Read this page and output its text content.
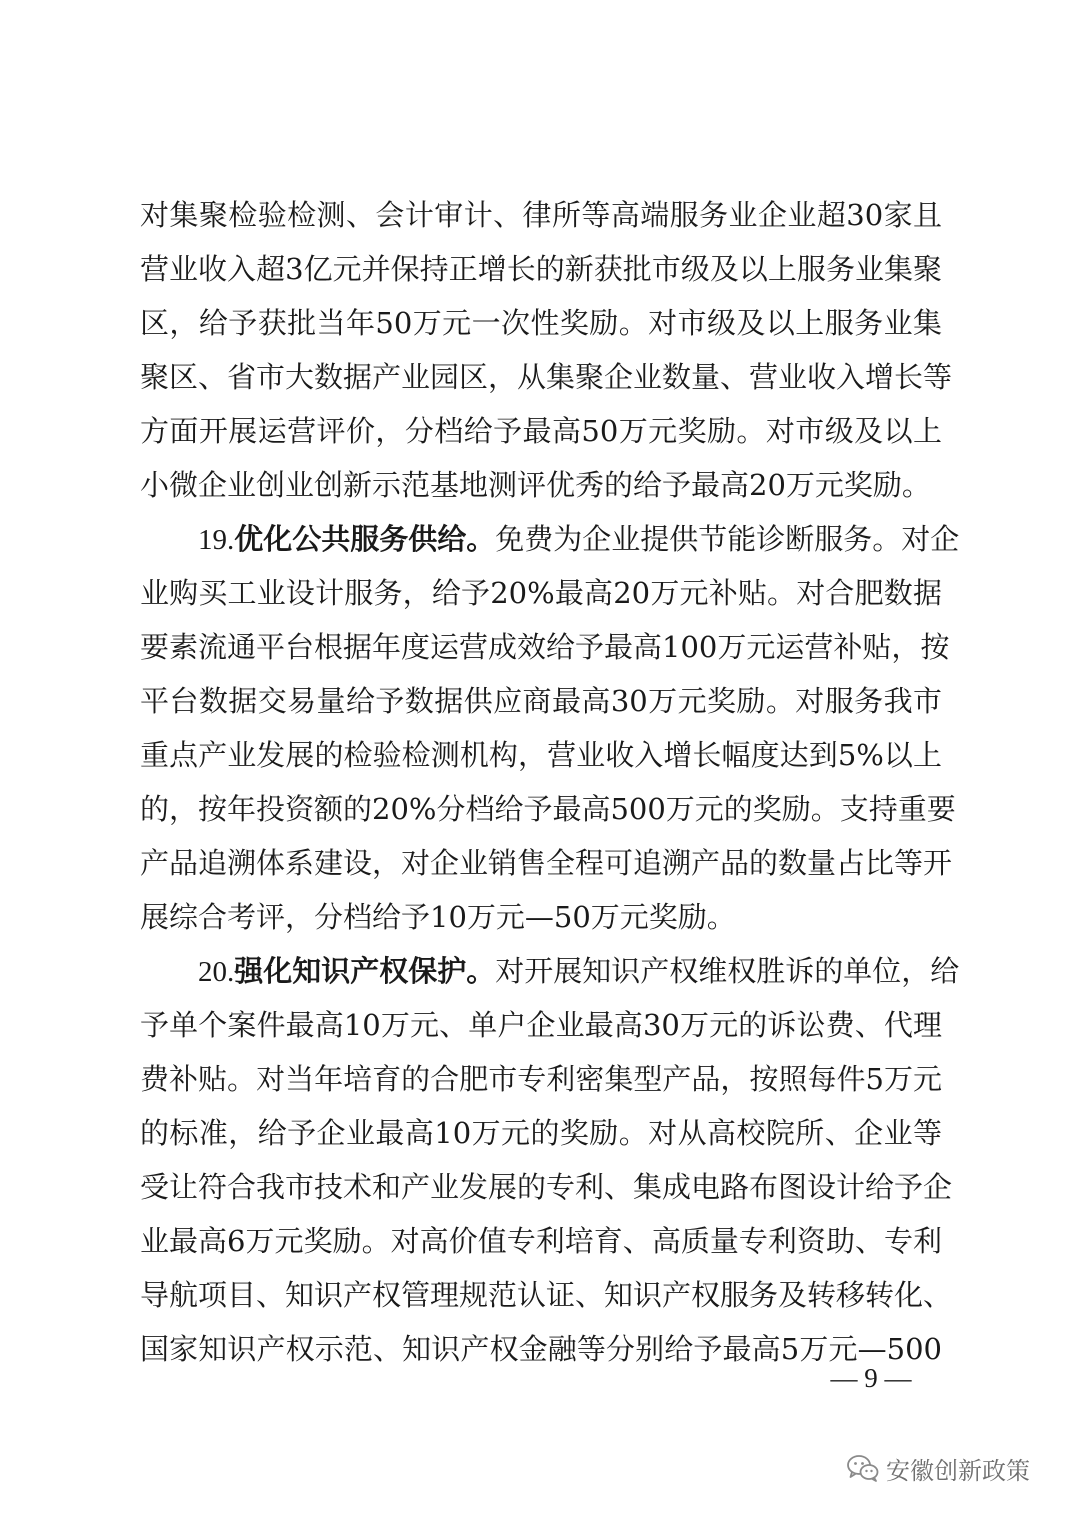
对集聚检验检测、会计审计、律所等高端服务业企业超30家且
营业收入超3亿元并保持正增长的新获批市级及以上服务业集聚
区，给予获批当年50万元一次性奖励。对市级及以上服务业集
聚区、省市大数据产业园区，从集聚企业数量、营业收入增长等
方面开展运营评价，分档给予最高50万元奖励。对市级及以上
小微企业创业创新示范基地测评优秀的给予最高20万元奖励。
19.优化公共服务供给。免费为企业提供节能诊断服务。对企
业购买工业设计服务，给予20%最高20万元补贴。对合肥数据
要素流通平台根据年度运营成效给予最高100万元运营补贴，按
平台数据交易量给予数据供应商最高30万元奖励。对服务我市
重点产业发展的检验检测机构，营业收入增长幅度达到5%以上
的，按年投资额的20%分档给予最高500万元的奖励。支持重要
产品追溯体系建设，对企业销售全程可追溯产品的数量占比等开
展综合考评，分档给予10万元—50万元奖励。
20.强化知识产权保护。对开展知识产权维权胜诉的单位，给
予单个案件最高10万元、单户企业最高30万元的诉讼费、代理
费补贴。对当年培育的合肥市专利密集型产品，按照每件5万元
的标准，给予企业最高10万元的奖励。对从高校院所、企业等
受让符合我市技术和产业发展的专利、集成电路布图设计给予企
业最高6万元奖励。对高价值专利培育、高质量专利资助、专利
导航项目、知识产权管理规范认证、知识产权服务及转移转化、
国家知识产权示范、知识产权金融等分别给予最高5万元—500
— 9 —
安徽创新政策
